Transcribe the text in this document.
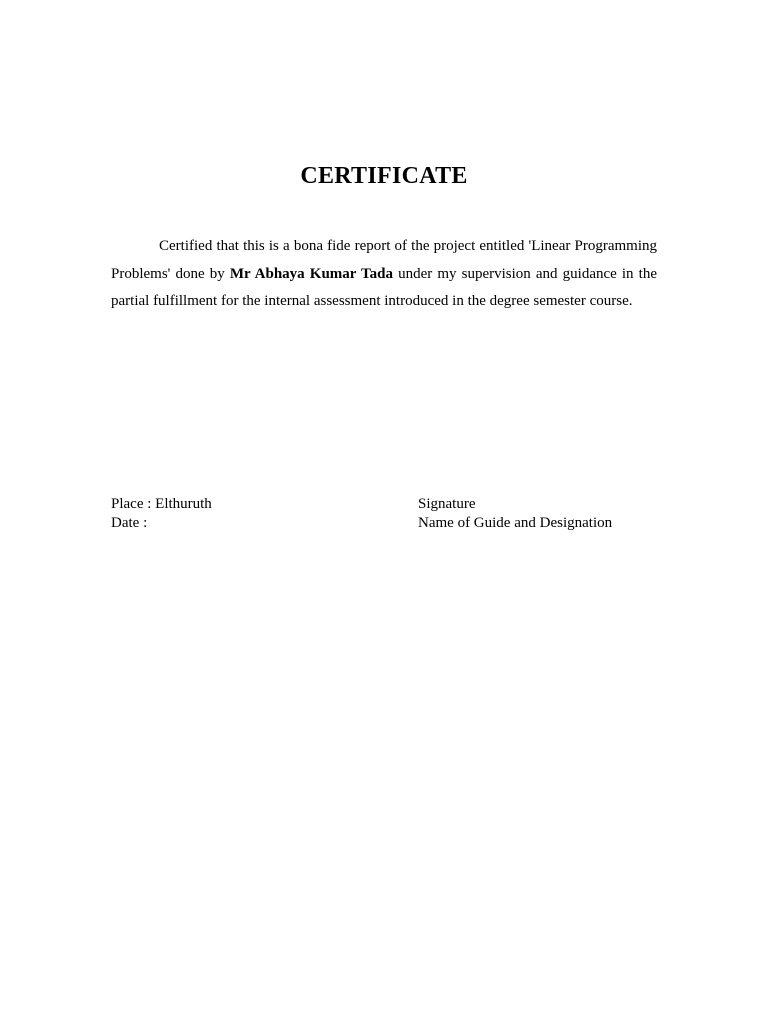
CERTIFICATE

Certified that this is a bona fide report of the project entitled 'Linear Programming Problems' done by Mr Abhaya Kumar Tada under my supervision and guidance in the partial fulfillment for the internal assessment introduced in the degree semester course.

Place : Elthuruth
Date :
Signature
Name of Guide and Designation
